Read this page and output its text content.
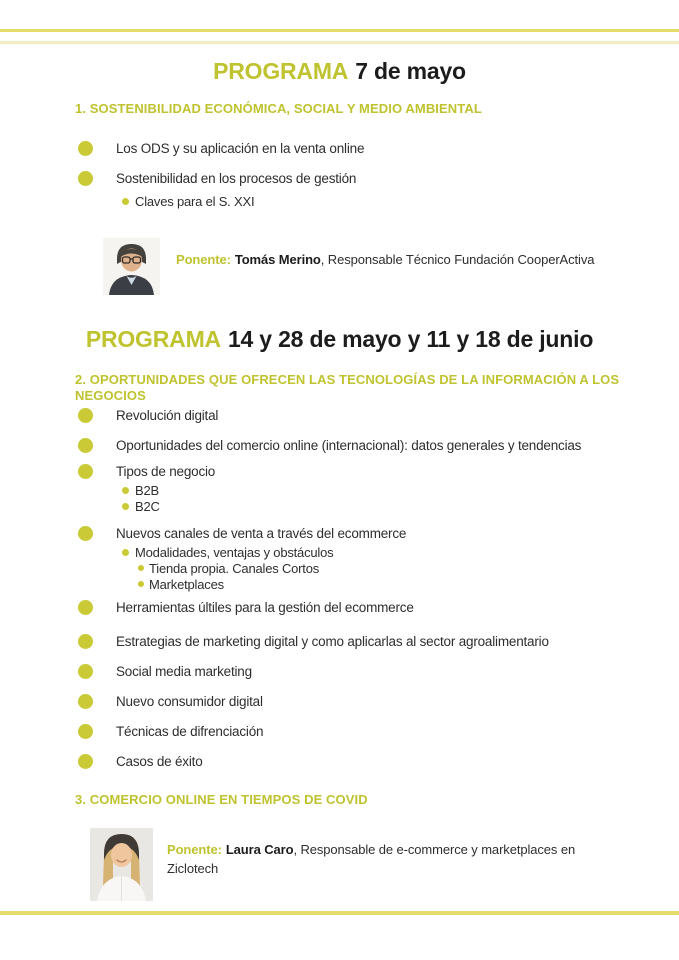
PROGRAMA 7 de mayo
1. SOSTENIBILIDAD ECONÓMICA, SOCIAL Y MEDIO AMBIENTAL
Los ODS y su aplicación en la venta online
Sostenibilidad en los procesos de gestión
Claves para el S. XXI
Ponente: Tomás Merino, Responsable Técnico Fundación CooperActiva
PROGRAMA 14 y 28 de mayo y 11 y 18 de junio
2. OPORTUNIDADES QUE OFRECEN LAS TECNOLOGÍAS DE LA INFORMACIÓN A LOS NEGOCIOS
Revolución digital
Oportunidades del comercio online (internacional): datos generales y tendencias
Tipos de negocio
B2B
B2C
Nuevos canales de venta a través del ecommerce
Modalidades, ventajas y obstáculos
Tienda propia. Canales Cortos
Marketplaces
Herramientas últiles para la gestión del ecommerce
Estrategias de marketing digital y como aplicarlas al sector agroalimentario
Social media marketing
Nuevo consumidor digital
Técnicas de difrenciación
Casos de éxito
3. COMERCIO ONLINE EN TIEMPOS DE COVID
Ponente: Laura Caro, Responsable de e-commerce y marketplaces en Ziclotech
